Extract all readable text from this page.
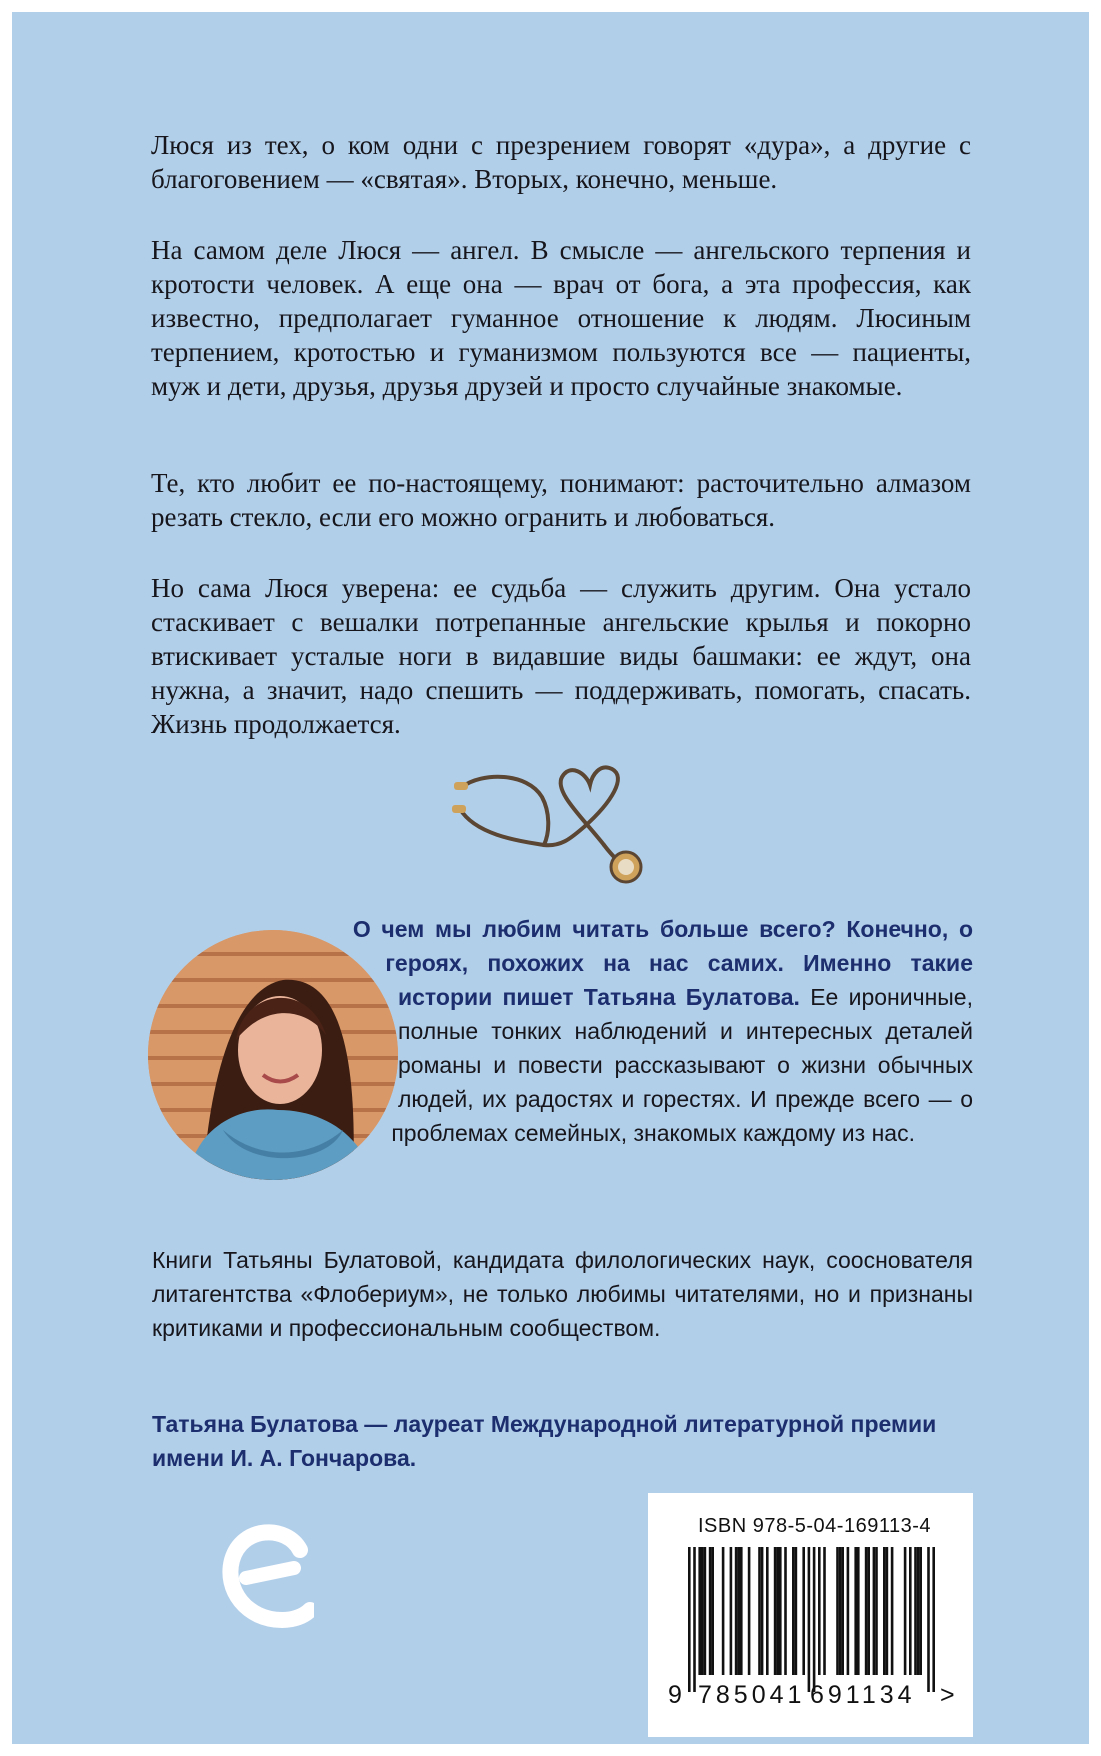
Люся из тех, о ком одни с презрением говорят «дура», а другие с благоговением — «святая». Вторых, конечно, меньше.

На самом деле Люся — ангел. В смысле — ангельского терпения и кротости человек. А еще она — врач от бога, а эта профессия, как известно, предполагает гуманное отношение к людям. Люсиным терпением, кротостью и гуманизмом пользуются все — пациенты, муж и дети, друзья, друзья друзей и просто случайные знакомые.

Те, кто любит ее по-настоящему, понимают: расточительно алмазом резать стекло, если его можно огранить и любоваться.

Но сама Люся уверена: ее судьба — служить другим. Она устало стаскивает с вешалки потрепанные ангельские крылья и покорно втискивает усталые ноги в видавшие виды башмаки: ее ждут, она нужна, а значит, надо спешить — поддерживать, помогать, спасать. Жизнь продолжается.

О чем мы любим читать больше всего? Конечно, о героях, похожих на нас самих. Именно такие истории пишет Татьяна Булатова. Ее ироничные, полные тонких наблюдений и интересных деталей романы и повести рассказывают о жизни обычных людей, их радостях и горестях. И прежде всего — о проблемах семейных, знакомых каждому из нас.

Книги Татьяны Булатовой, кандидата филологических наук, сооснователя литагентства «Флобериум», не только любимы читателями, но и признаны критиками и профессиональным сообществом.

Татьяна Булатова — лауреат Международной литературной премии имени И. А. Гончарова.

ISBN 978-5-04-169113-4
9 785041 691134 >
